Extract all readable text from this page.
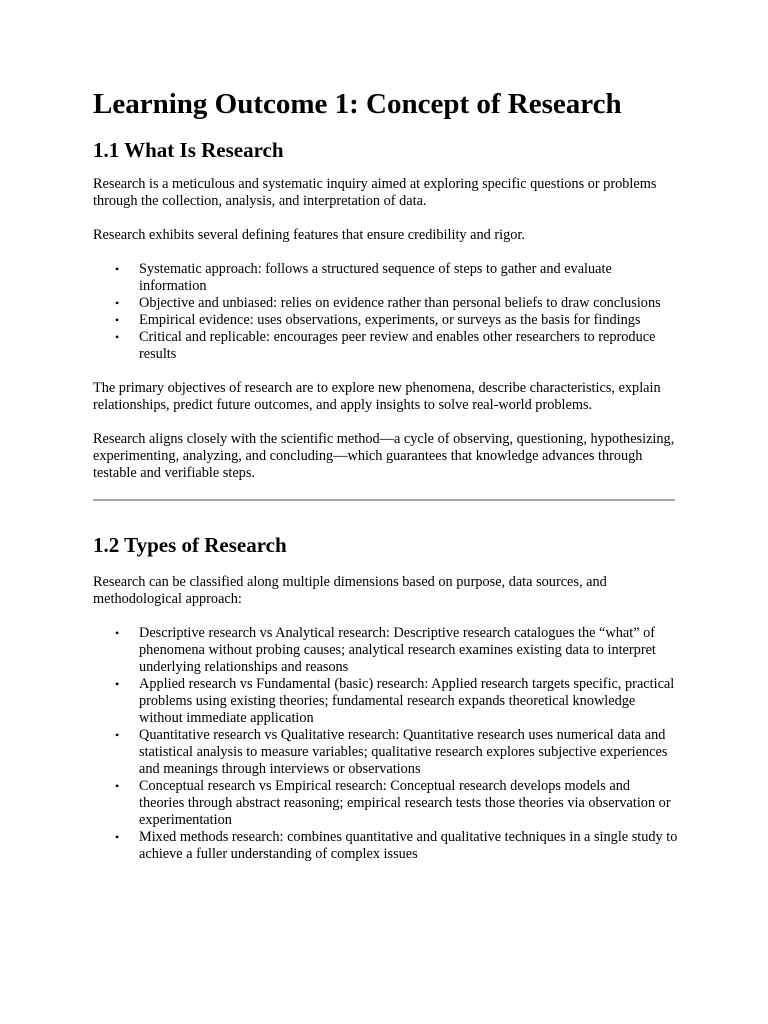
Learning Outcome 1: Concept of Research
1.1 What Is Research

Research is a meticulous and systematic inquiry aimed at exploring specific questions or problems through the collection, analysis, and interpretation of data.

Research exhibits several defining features that ensure credibility and rigor.

• Systematic approach: follows a structured sequence of steps to gather and evaluate information
• Objective and unbiased: relies on evidence rather than personal beliefs to draw conclusions
• Empirical evidence: uses observations, experiments, or surveys as the basis for findings
• Critical and replicable: encourages peer review and enables other researchers to reproduce results

The primary objectives of research are to explore new phenomena, describe characteristics, explain relationships, predict future outcomes, and apply insights to solve real-world problems.

Research aligns closely with the scientific method—a cycle of observing, questioning, hypothesizing, experimenting, analyzing, and concluding—which guarantees that knowledge advances through testable and verifiable steps.

1.2 Types of Research

Research can be classified along multiple dimensions based on purpose, data sources, and methodological approach:

• Descriptive research vs Analytical research: Descriptive research catalogues the “what” of phenomena without probing causes; analytical research examines existing data to interpret underlying relationships and reasons
• Applied research vs Fundamental (basic) research: Applied research targets specific, practical problems using existing theories; fundamental research expands theoretical knowledge without immediate application
• Quantitative research vs Qualitative research: Quantitative research uses numerical data and statistical analysis to measure variables; qualitative research explores subjective experiences and meanings through interviews or observations
• Conceptual research vs Empirical research: Conceptual research develops models and theories through abstract reasoning; empirical research tests those theories via observation or experimentation
• Mixed methods research: combines quantitative and qualitative techniques in a single study to achieve a fuller understanding of complex issues
